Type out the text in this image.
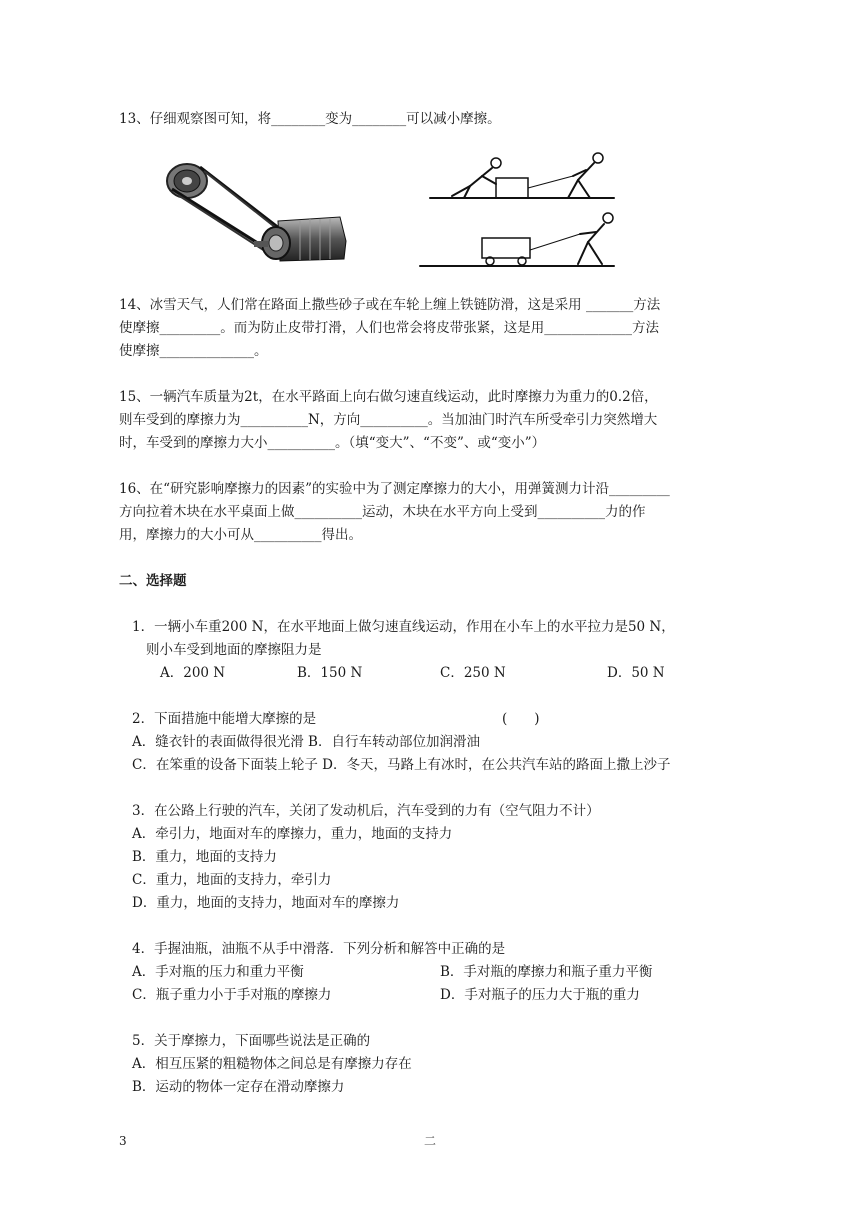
13、仔细观察图可知，将________变为________可以减小摩擦。
14、冰雪天气，人们常在路面上撒些砂子或在车轮上缠上铁链防滑，这是采用 _______方法
使摩擦_________。而为防止皮带打滑，人们也常会将皮带张紧，这是用_____________方法
使摩擦______________。
15、一辆汽车质量为2t，在水平路面上向右做匀速直线运动，此时摩擦力为重力的0.2倍，
则车受到的摩擦力为__________N，方向__________。当加油门时汽车所受牵引力突然增大
时，车受到的摩擦力大小__________。（填“变大”、“不变”、或“变小”）
16、在“研究影响摩擦力的因素”的实验中为了测定摩擦力的大小，用弹簧测力计沿_________
方向拉着木块在水平桌面上做__________运动，木块在水平方向上受到__________力的作
用，摩擦力的大小可从__________得出。
二、选择题
1．一辆小车重200 N，在水平地面上做匀速直线运动，作用在小车上的水平拉力是50 N，
则小车受到地面的摩擦阻力是
A．200 N	B．150 N	C．250 N	D．50 N
2．下面措施中能增大摩擦的是	(　　)
A．缝衣针的表面做得很光滑 B．自行车转动部位加润滑油
C．在笨重的设备下面装上轮子 D．冬天，马路上有冰时，在公共汽车站的路面上撒上沙子
3．在公路上行驶的汽车，关闭了发动机后，汽车受到的力有（空气阻力不计）
A．牵引力，地面对车的摩擦力，重力，地面的支持力
B．重力，地面的支持力
C．重力，地面的支持力，牵引力
D．重力，地面的支持力，地面对车的摩擦力
4．手握油瓶，油瓶不从手中滑落．下列分析和解答中正确的是
A．手对瓶的压力和重力平衡	B．手对瓶的摩擦力和瓶子重力平衡
C．瓶子重力小于手对瓶的摩擦力	D．手对瓶子的压力大于瓶的重力
5．关于摩擦力，下面哪些说法是正确的
A．相互压紧的粗糙物体之间总是有摩擦力存在
B．运动的物体一定存在滑动摩擦力
3	二
